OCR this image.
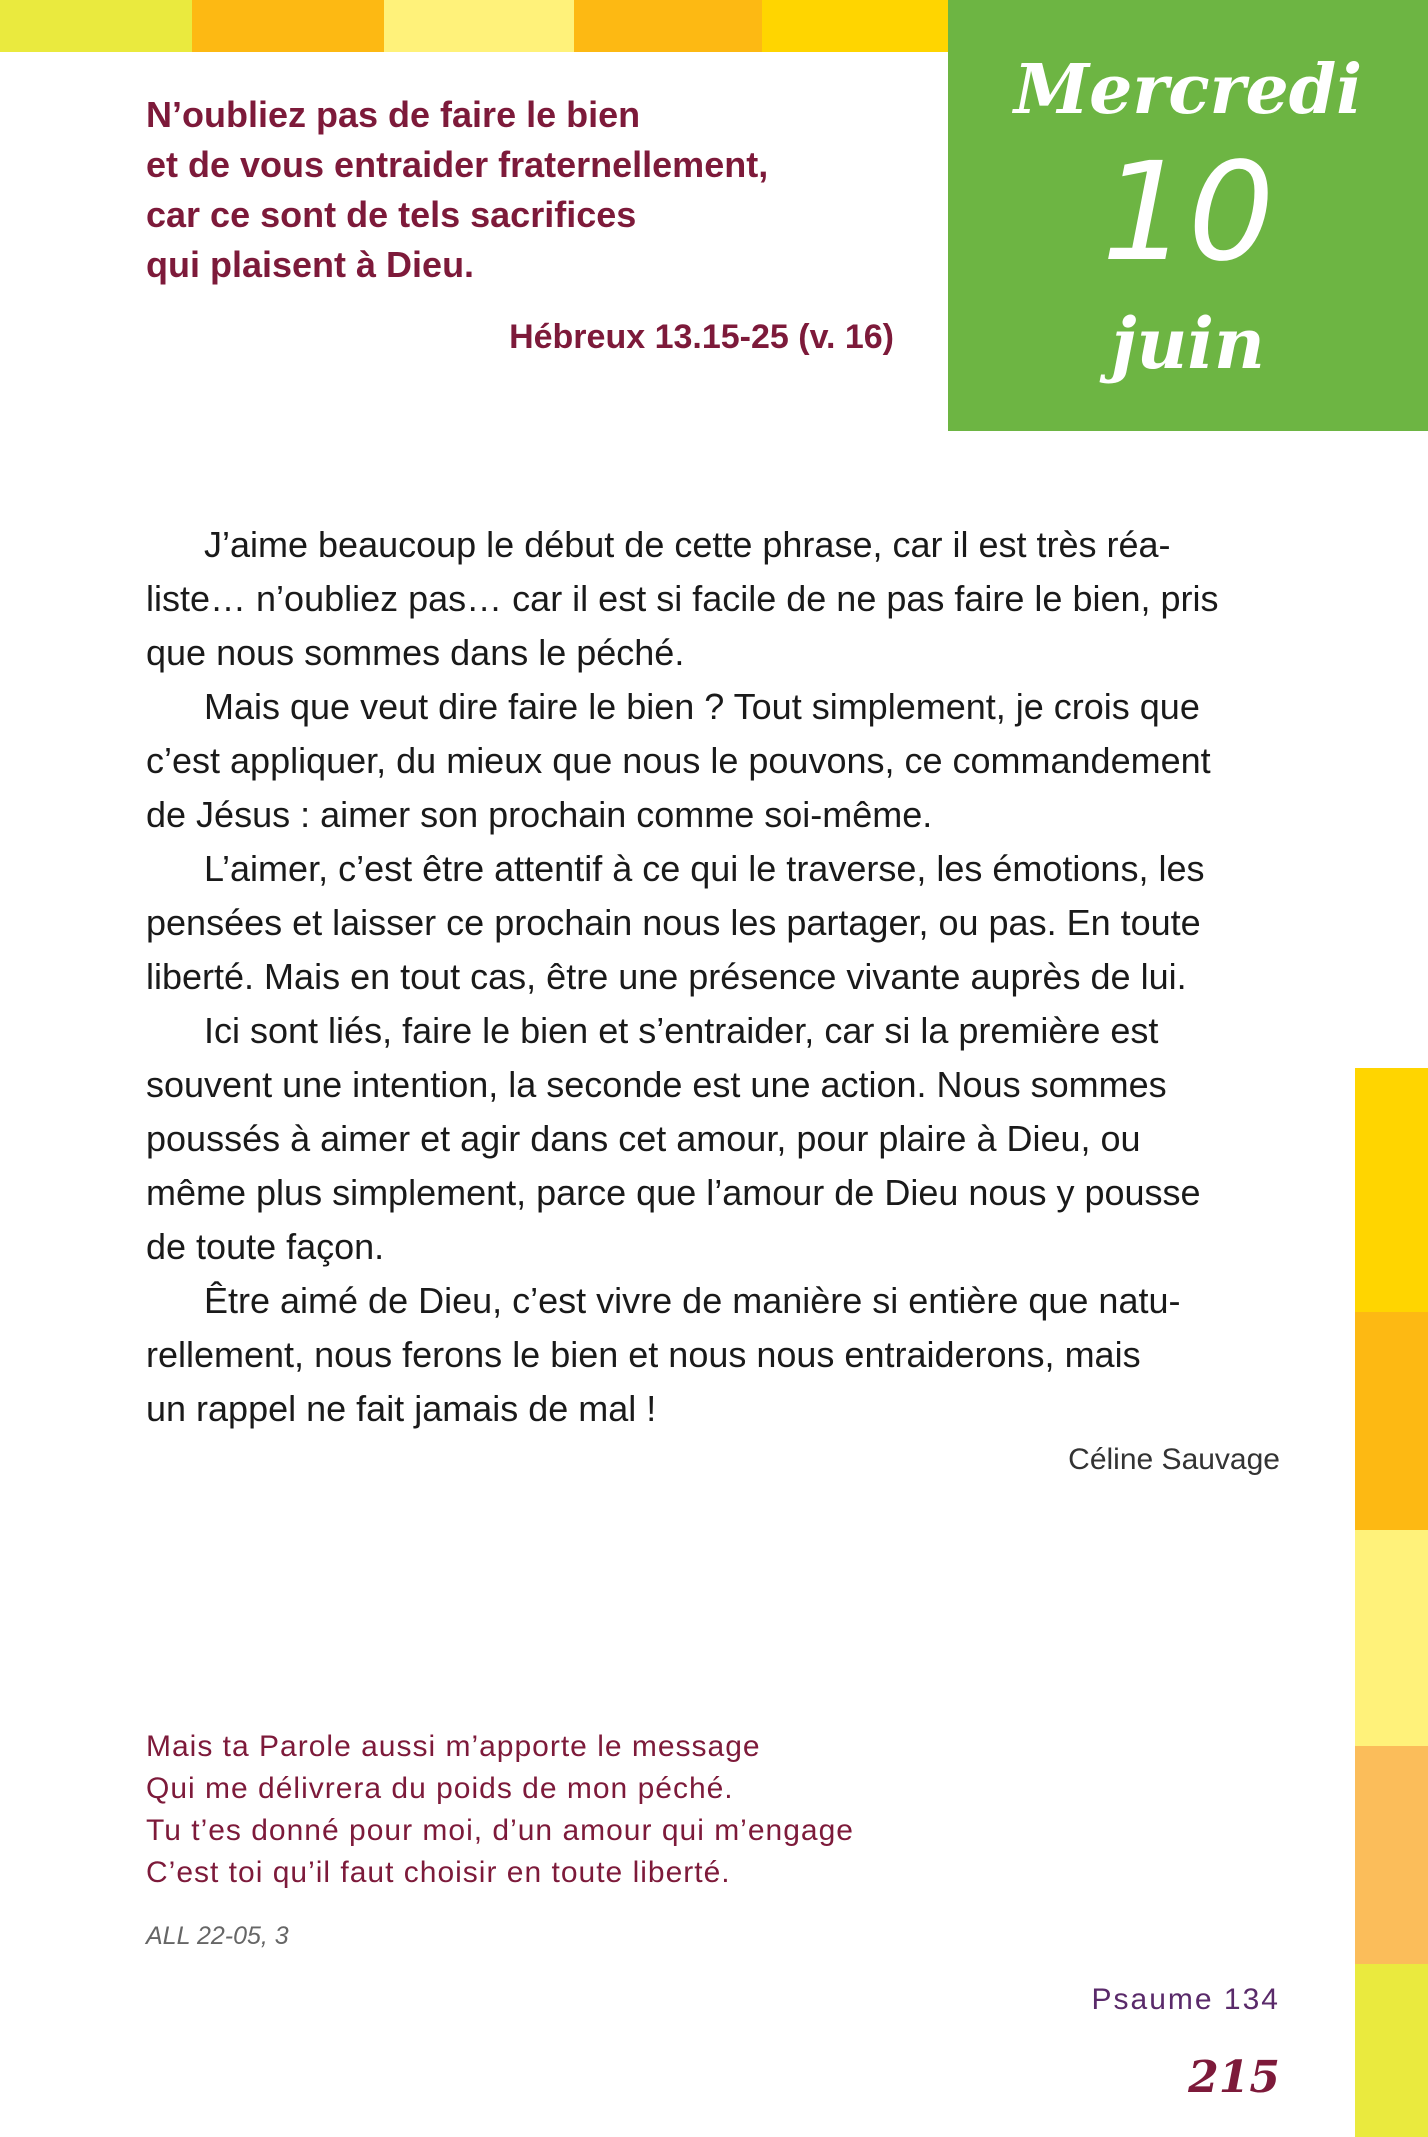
Mercredi
10
juin
N’oubliez pas de faire le bien
et de vous entraider fraternellement,
car ce sont de tels sacrifices
qui plaisent à Dieu.
Hébreux 13.15-25 (v. 16)
J’aime beaucoup le début de cette phrase, car il est très réa-
liste… n’oubliez pas… car il est si facile de ne pas faire le bien, pris
que nous sommes dans le péché.
Mais que veut dire faire le bien ? Tout simplement, je crois que
c’est appliquer, du mieux que nous le pouvons, ce commandement
de Jésus : aimer son prochain comme soi-même.
L’aimer, c’est être attentif à ce qui le traverse, les émotions, les
pensées et laisser ce prochain nous les partager, ou pas. En toute
liberté. Mais en tout cas, être une présence vivante auprès de lui.
Ici sont liés, faire le bien et s’entraider, car si la première est
souvent une intention, la seconde est une action. Nous sommes
poussés à aimer et agir dans cet amour, pour plaire à Dieu, ou
même plus simplement, parce que l’amour de Dieu nous y pousse
de toute façon.
Être aimé de Dieu, c’est vivre de manière si entière que natu-
rellement, nous ferons le bien et nous nous entraiderons, mais
un rappel ne fait jamais de mal !
Céline Sauvage
Mais ta Parole aussi m’apporte le message
Qui me délivrera du poids de mon péché.
Tu t’es donné pour moi, d’un amour qui m’engage
C’est toi qu’il faut choisir en toute liberté.
ALL 22-05, 3
Psaume 134
215
